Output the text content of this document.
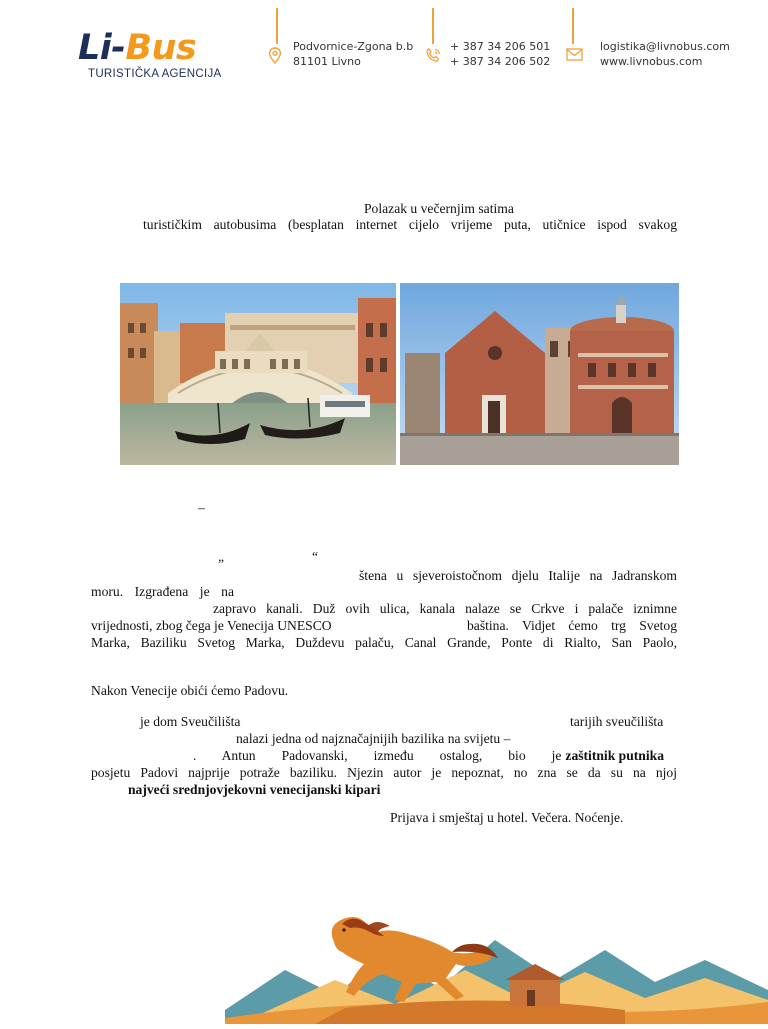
Li-Bus
TURISTIČKA AGENCIJA
Podvornice-Zgona b.b
81101 Livno
+ 387 34 206 501
+ 387 34 206 502
logistika@livnobus.com
www.livnobus.com
Polazak u večernjim satima
turističkim autobusima (besplatan internet cijelo vrijeme puta, utičnice ispod svakog
–
„	“
štena u sjeveroistočnom djelu Italije na Jadranskom
moru. Izgrađena je na
zapravo kanali. Duž ovih ulica, kanala nalaze se Crkve i palače iznimne
vrijednosti, zbog čega je Venecija UNESCO	baština. Vidjet ćemo trg Svetog
Marka, Baziliku Svetog Marka, Duždevu palaču, Canal Grande, Ponte di Rialto, San Paolo,
Nakon Venecije obići ćemo Padovu.
je dom Sveučilišta	tarijih sveučilišta
nalazi jedna od najznačajnijih bazilika na svijetu –
. Antun Padovanski, između ostalog, bio je zaštitnik putnika
posjetu Padovi najprije potraže baziliku. Njezin autor je nepoznat, no zna se da su na njoj
najveći srednjovjekovni venecijanski kipari
Prijava i smještaj u hotel. Večera. Noćenje.
